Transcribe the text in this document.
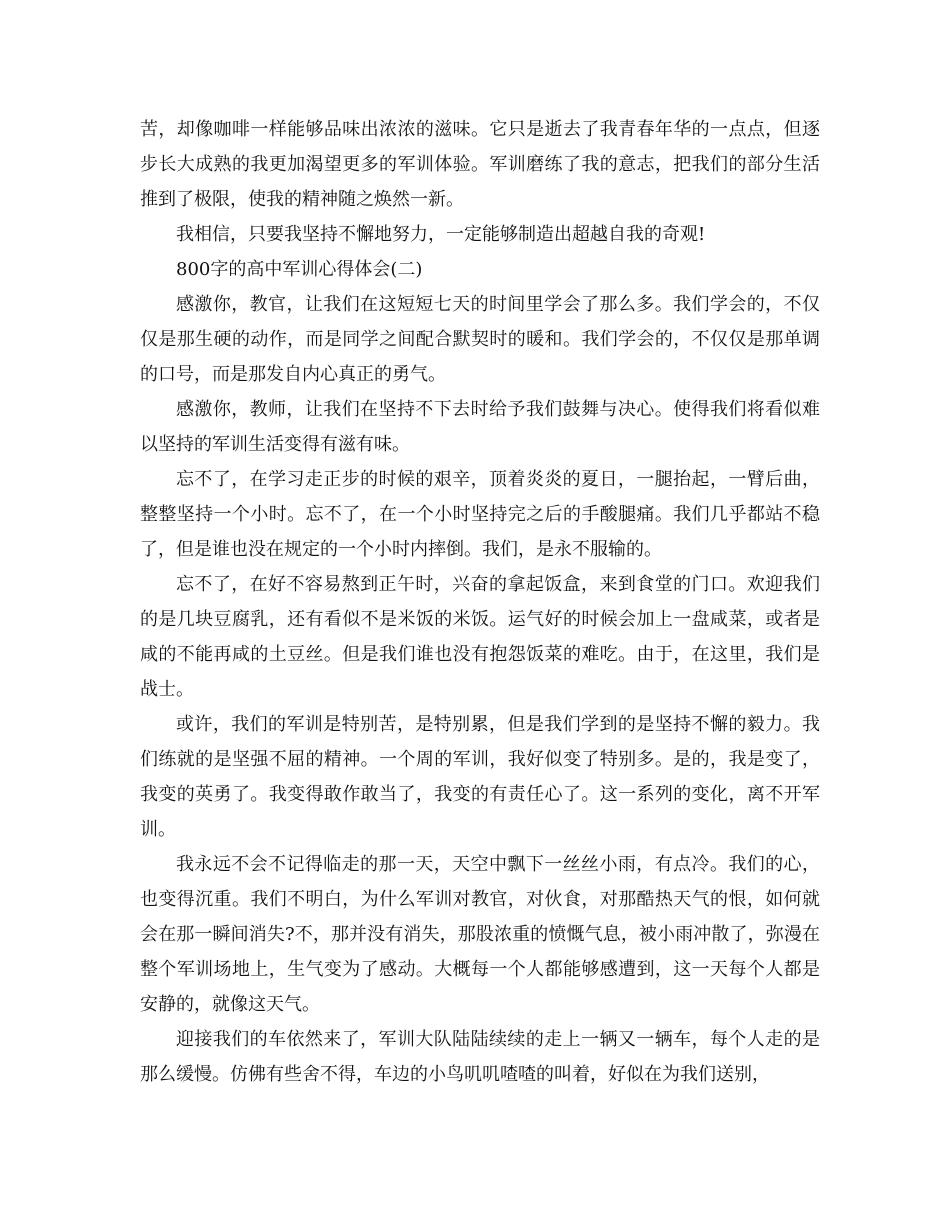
苦，却像咖啡一样能够品味出浓浓的滋味。它只是逝去了我青春年华的一点点，但逐步长大成熟的我更加渴望更多的军训体验。军训磨练了我的意志，把我们的部分生活推到了极限，使我的精神随之焕然一新。

我相信，只要我坚持不懈地努力，一定能够制造出超越自我的奇观!

800字的高中军训心得体会(二)

感激你，教官，让我们在这短短七天的时间里学会了那么多。我们学会的，不仅仅是那生硬的动作，而是同学之间配合默契时的暖和。我们学会的，不仅仅是那单调的口号，而是那发自内心真正的勇气。

感激你，教师，让我们在坚持不下去时给予我们鼓舞与决心。使得我们将看似难以坚持的军训生活变得有滋有味。

忘不了，在学习走正步的时候的艰辛，顶着炎炎的夏日，一腿抬起，一臂后曲，整整坚持一个小时。忘不了，在一个小时坚持完之后的手酸腿痛。我们几乎都站不稳了，但是谁也没在规定的一个小时内摔倒。我们，是永不服输的。

忘不了，在好不容易熬到正午时，兴奋的拿起饭盒，来到食堂的门口。欢迎我们的是几块豆腐乳，还有看似不是米饭的米饭。运气好的时候会加上一盘咸菜，或者是咸的不能再咸的土豆丝。但是我们谁也没有抱怨饭菜的难吃。由于，在这里，我们是战士。

或许，我们的军训是特别苦，是特别累，但是我们学到的是坚持不懈的毅力。我们练就的是坚强不屈的精神。一个周的军训，我好似变了特别多。是的，我是变了，我变的英勇了。我变得敢作敢当了，我变的有责任心了。这一系列的变化，离不开军训。

我永远不会不记得临走的那一天，天空中飘下一丝丝小雨，有点冷。我们的心，也变得沉重。我们不明白，为什么军训对教官，对伙食，对那酷热天气的恨，如何就会在那一瞬间消失?不，那并没有消失，那股浓重的愤慨气息，被小雨冲散了，弥漫在整个军训场地上，生气变为了感动。大概每一个人都能够感遭到，这一天每个人都是安静的，就像这天气。

迎接我们的车依然来了，军训大队陆陆续续的走上一辆又一辆车，每个人走的是那么缓慢。仿佛有些舍不得，车边的小鸟叽叽喳喳的叫着，好似在为我们送别，
